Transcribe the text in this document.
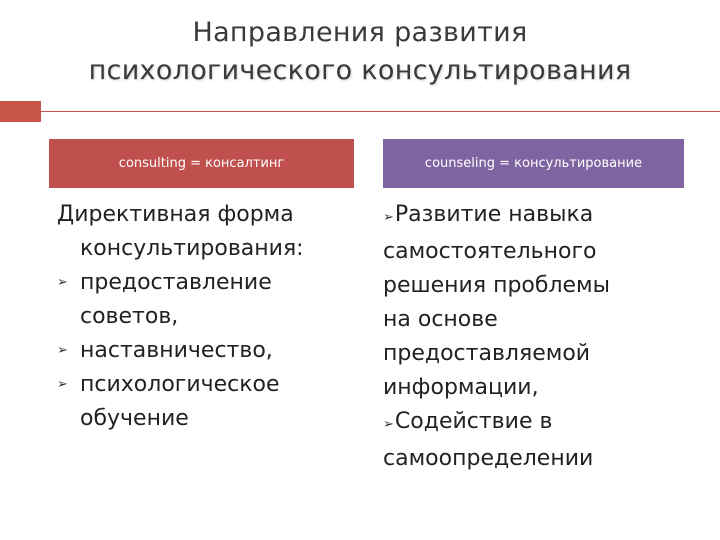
Направления развития
психологического консультирования
consulting = консалтинг	counseling = консультирование
Директивная форма
консультирования:
➢ предоставление
советов,
➢ наставничество,
➢ психологическое
обучение
➢Развитие навыка
самостоятельного
решения проблемы
на основе
предоставляемой
информации,
➢Содействие в
самоопределении
